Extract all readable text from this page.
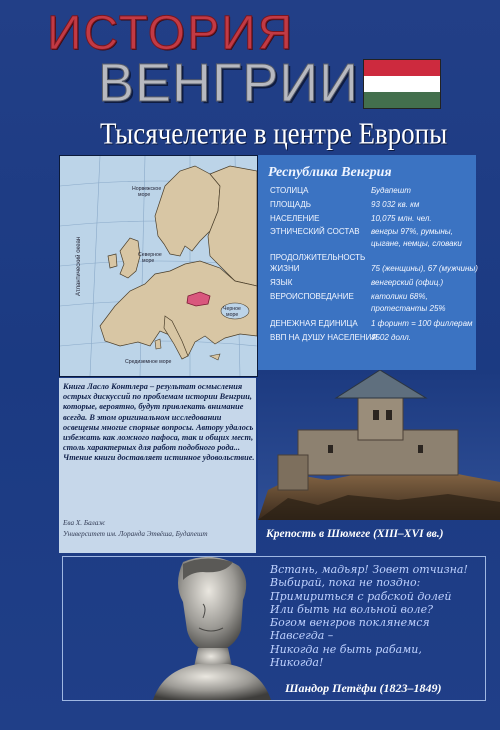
ИСТОРИЯ
ВЕНГРИИ
Тысячелетие в центре Европы
Атлантический океан
Норвежское море
Северное море
Черное море
Средиземное море
Республика Венгрия
СТОЛИЦА	Будапешт
ПЛОЩАДЬ	93 032 кв. км
НАСЕЛЕНИЕ	10,075 млн. чел.
ЭТНИЧЕСКИЙ СОСТАВ венгры 97%, румыны,
цыгане, немцы, словаки
ПРОДОЛЖИТЕЛЬНОСТЬ
ЖИЗНИ	75 (женщины), 67 (мужчины)
ЯЗЫК	венгерский (офиц.)
ВЕРОИСПОВЕДАНИЕ католики 68%,
протестанты 25%
ДЕНЕЖНАЯ ЕДИНИЦА 1 форинт = 100 филлерам
ВВП НА ДУШУ НАСЕЛЕНИЯ
4502 долл.
Крепость в Шюмеге (XIII–XVI вв.)
Книга Ласло Контлера – результат осмысления острых дискуссий по проблемам истории Венгрии, которые, вероятно, будут привлекать внимание всегда. В этом оригинальном исследовании освещены многие спорные вопросы. Автору удалось избежать как ложного пафоса, так и общих мест, столь характерных для работ подобного рода... Чтение книги доставляет истинное удовольствие.
Ева Х. Балаж
Университет им. Лоранда Этвёша, Будапешт
Встань, мадьяр! Зовет отчизна!
Выбирай, пока не поздно:
Примириться с рабской долей
Или быть на вольной воле?
Богом венгров поклянемся
Навсегда –
Никогда не быть рабами,
Никогда!
Шандор Петёфи (1823–1849)
